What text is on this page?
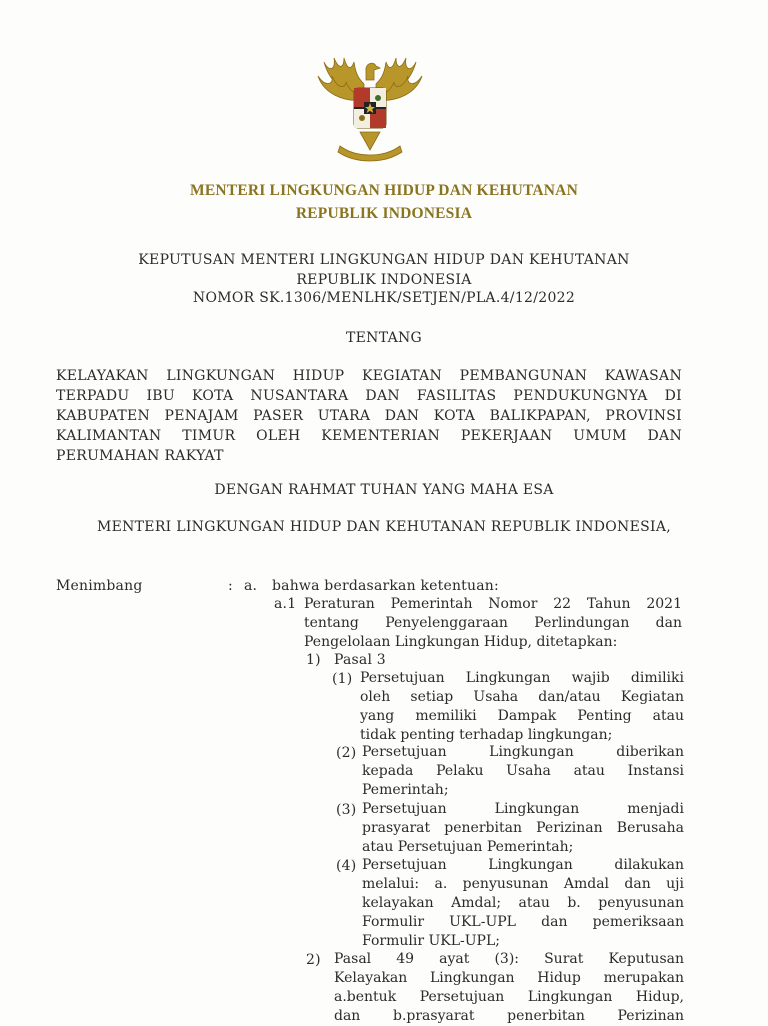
MENTERI LINGKUNGAN HIDUP DAN KEHUTANAN
REPUBLIK INDONESIA
KEPUTUSAN MENTERI LINGKUNGAN HIDUP DAN KEHUTANAN
REPUBLIK INDONESIA
NOMOR SK.1306/MENLHK/SETJEN/PLA.4/12/2022
TENTANG
KELAYAKAN LINGKUNGAN HIDUP KEGIATAN PEMBANGUNAN KAWASAN
TERPADU IBU KOTA NUSANTARA DAN FASILITAS PENDUKUNGNYA DI
KABUPATEN PENAJAM PASER UTARA DAN KOTA BALIKPAPAN, PROVINSI
KALIMANTAN TIMUR OLEH KEMENTERIAN PEKERJAAN UMUM DAN
PERUMAHAN RAKYAT
DENGAN RAHMAT TUHAN YANG MAHA ESA
MENTERI LINGKUNGAN HIDUP DAN KEHUTANAN REPUBLIK INDONESIA,
Menimbang	: a. bahwa berdasarkan ketentuan:
a.1 Peraturan Pemerintah Nomor 22 Tahun 2021
tentang Penyelenggaraan Perlindungan dan
Pengelolaan Lingkungan Hidup, ditetapkan:
1) Pasal 3
(1) Persetujuan Lingkungan wajib dimiliki
oleh setiap Usaha dan/atau Kegiatan
yang memiliki Dampak Penting atau
tidak penting terhadap lingkungan;
(2) Persetujuan Lingkungan diberikan
kepada Pelaku Usaha atau Instansi
Pemerintah;
(3) Persetujuan Lingkungan menjadi
prasyarat penerbitan Perizinan Berusaha
atau Persetujuan Pemerintah;
(4) Persetujuan Lingkungan dilakukan
melalui: a. penyusunan Amdal dan uji
kelayakan Amdal; atau b. penyusunan
Formulir UKL-UPL dan pemeriksaan
Formulir UKL-UPL;
2) Pasal 49 ayat (3): Surat Keputusan
Kelayakan Lingkungan Hidup merupakan
a.bentuk Persetujuan Lingkungan Hidup,
dan b.prasyarat penerbitan Perizinan
